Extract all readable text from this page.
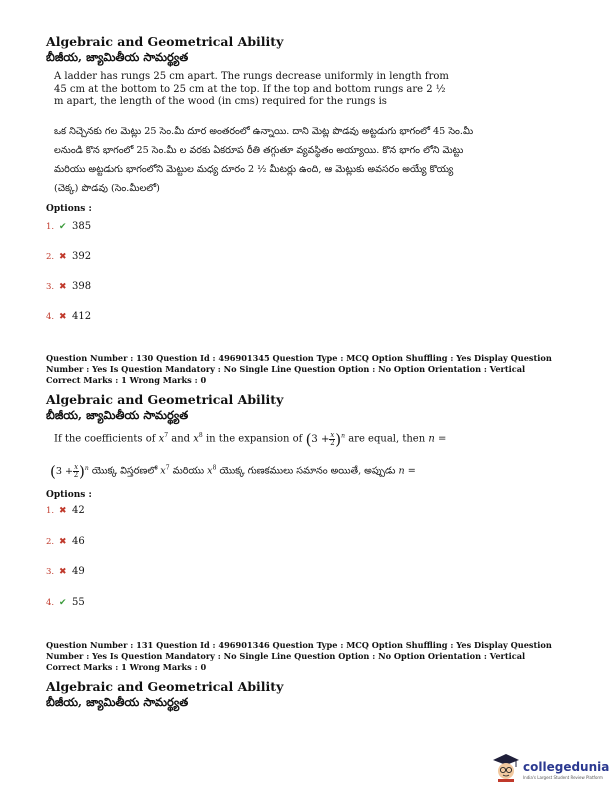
Algebraic and Geometrical Ability
బీజీయ, జ్యామితీయ సామర్థ్యత
A ladder has rungs 25 cm apart. The rungs decrease uniformly in length from 45 cm at the bottom to 25 cm at the top. If the top and bottom rungs are 2 ½ m apart, the length of the wood (in cms) required for the rungs is
ఒక నిచ్చెనకు గల మెట్లు 25 సెం.మీ దూర అంతరంలో ఉన్నాయి. దాని మెట్ల పొడవు అట్టడుగు భాగంలో 45 సెం.మీ లనుండి కొన భాగంలో 25 సెం.మీ ల వరకు ఏకరూప రీతి తగ్గుతూ వ్యవస్థితం అయ్యాయి. కొన భాగం లోని మెట్టు మరియు అట్టడుగు భాగంలోని మెట్టుల మధ్య దూరం 2 ½ మీటర్లు ఉంది, ఆ మెట్లుకు అవసరం అయ్యే కొయ్య (చెక్క) పొడవు (సెం.మీలలో)
Options :
1. ✔ 385
2. ✖ 392
3. ✖ 398
4. ✖ 412
Question Number : 130 Question Id : 496901345 Question Type : MCQ Option Shuffling : Yes Display Question Number : Yes Is Question Mandatory : No Single Line Question Option : No Option Orientation : Vertical
Correct Marks : 1 Wrong Marks : 0
Algebraic and Geometrical Ability
బీజీయ, జ్యామితీయ సామర్థ్యత
If the coefficients of $x^7$ and $x^8$ in the expansion of $(3 + \frac{x}{2} )^n$ are equal, then n =
$(3 + \frac{x}{2} )^n$ యొక్క విస్తరణలో $x^7$ మరియు $x^8$ యొక్క గుణకములు సమానం అయితే, అప్పుడు n =
Options :
1. ✖ 42
2. ✖ 46
3. ✖ 49
4. ✔ 55
Question Number : 131 Question Id : 496901346 Question Type : MCQ Option Shuffling : Yes Display Question Number : Yes Is Question Mandatory : No Single Line Question Option : No Option Orientation : Vertical
Correct Marks : 1 Wrong Marks : 0
Algebraic and Geometrical Ability
బీజీయ, జ్యామితీయ సామర్థ్యత
collegedunia
India's Largest Student Review Platform
